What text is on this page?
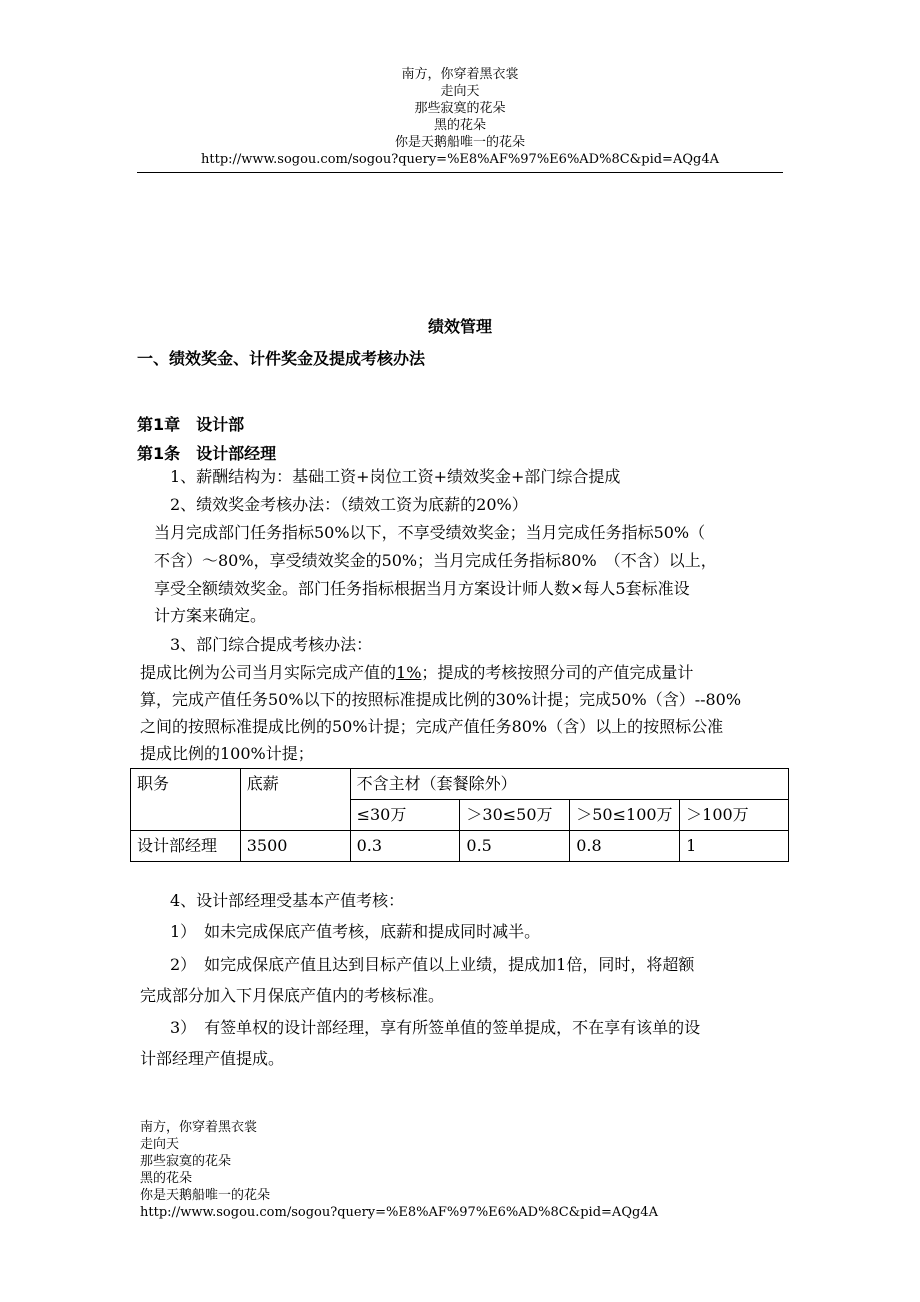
南方，你穿着黑衣裳
走向天
那些寂寞的花朵
黑的花朵
你是天鹅船唯一的花朵
http://www.sogou.com/sogou?query=%E8%AF%97%E6%AD%8C&pid=AQg4A
绩效管理
一、绩效奖金、计件奖金及提成考核办法
第1章　设计部
第1条　设计部经理
1、薪酬结构为：基础工资+岗位工资+绩效奖金+部门综合提成
2、绩效奖金考核办法：（绩效工资为底薪的20%）
当月完成部门任务指标50%以下，不享受绩效奖金；当月完成任务指标50%（
不含）～80%，享受绩效奖金的50%；当月完成任务指标80%　（不含）以上，
享受全额绩效奖金。部门任务指标根据当月方案设计师人数×每人5套标准设
计方案来确定。
3、部门综合提成考核办法：
提成比例为公司当月实际完成产值的1%；提成的考核按照分司的产值完成量计
算，完成产值任务50%以下的按照标准提成比例的30%计提；完成50%（含）--80%
之间的按照标准提成比例的50%计提；完成产值任务80%（含）以上的按照标公准
提成比例的100%计提；
职务	底薪	不含主材（套餐除外）			
		≤30万	＞30≤50万	＞50≤100万	＞100万
设计部经理	3500	0.3	0.5	0.8	1
4、设计部经理受基本产值考核：
1）　如未完成保底产值考核，底薪和提成同时减半。
2）　如完成保底产值且达到目标产值以上业绩，提成加1倍，同时，将超额
完成部分加入下月保底产值内的考核标准。
3）　有签单权的设计部经理，享有所签单值的签单提成，不在享有该单的设
计部经理产值提成。
南方，你穿着黑衣裳
走向天
那些寂寞的花朵
黑的花朵
你是天鹅船唯一的花朵
http://www.sogou.com/sogou?query=%E8%AF%97%E6%AD%8C&pid=AQg4A
